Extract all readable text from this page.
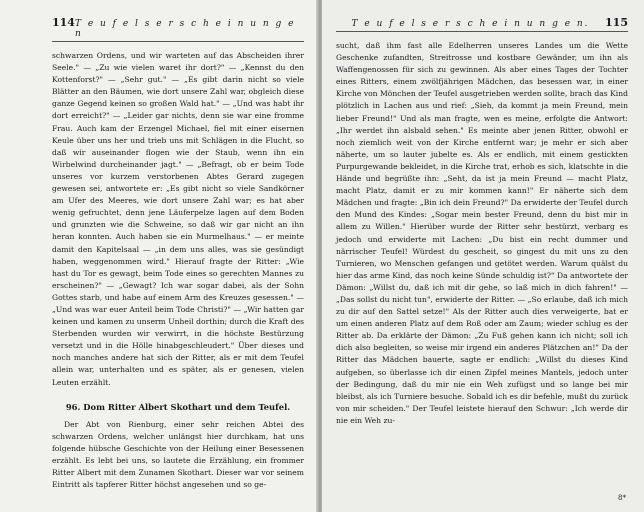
114 T e u f e l s e r s c h e i n u n g e n

schwarzen Ordens, und wir warteten auf das Abscheiden ihrer Seele." — „Zu wie vielen waret ihr dort?" — „Kennst du den Kottenforst?" — „Sehr gut." — „Es gibt darin nicht so viele Blätter an den Bäumen, wie dort unsere Zahl war, obgleich diese ganze Gegend keinen so großen Wald hat." — „Und was habt ihr dort erreicht?" — „Leider gar nichts, denn sie war eine fromme Frau. Auch kam der Erzengel Michael, fiel mit einer eisernen Keule über uns her und trieb uns mit Schlägen in die Flucht, so daß wir auseinander flogen wie der Staub, wenn ihn ein Wirbelwind durcheinander jagt." — „Befragt, ob er beim Tode unseres vor kurzem verstorbenen Abtes Gerard zugegen gewesen sei, antwortete er: „Es gibt nicht so viele Sandkörner am Ufer des Meeres, wie dort unsere Zahl war; es hat aber wenig gefruchtet, denn jene Läuferpelze lagen auf dem Boden und grunzten wie die Schweine, so daß wir gar nicht an ihn heran konnten. Auch haben sie ein Murmelhaus." — er meinte damit den Kapitelsaal — „in dem uns alles, was sie gesündigt haben, weggenommen wird." Hierauf fragte der Ritter: „Wie hast du Tor es gewagt, beim Tode eines so gerechten Mannes zu erscheinen?" — „Gewagt? Ich war sogar dabei, als der Sohn Gottes starb, und habe auf einem Arm des Kreuzes gesessen." — „Und was war euer Anteil beim Tode Christi?" — „Wir hatten gar keinen und kamen zu unserm Unheil dorthin; durch die Kraft des Sterbenden wurden wir verwirrt, in die höchste Bestürzung versetzt und in die Hölle hinabgeschleudert." Über dieses und noch manches andere hat sich der Ritter, als er mit dem Teufel allein war, unterhalten und es später, als er genesen, vielen Leuten erzählt.

96. Dom Ritter Albert Skothart und dem Teufel.

Der Abt von Rienburg, einer sehr reichen Abtei des schwarzen Ordens, welcher unlängst hier durchkam, hat uns folgende hübsche Geschichte von der Heilung einer Besessenen erzählt. Es lebt bei uns, so lautete die Erzählung, ein frommer Ritter Albert mit dem Zunamen Skothart. Dieser war vor seinem Eintritt als tapferer Ritter höchst angesehen und so ge-

T e u f e l s e r s c h e i n u n g e n. 115

sucht, daß ihm fast alle Edelherren unseres Landes um die Wette Geschenke zufandten, Streitrosse und kostbare Gewänder, um ihn als Waffengenossen für sich zu gewinnen. Als aber eines Tages der Tochter eines Ritters, einem zwölfjährigen Mädchen, das besessen war, in einer Kirche von Mönchen der Teufel ausgetrieben werden sollte, brach das Kind plötzlich in Lachen aus und rief: „Sieh, da kommt ja mein Freund, mein lieber Freund!" Und als man fragte, wen es meine, erfolgte die Antwort: „Ihr werdet ihn alsbald sehen." Es meinte aber jenen Ritter, obwohl er noch ziemlich weit von der Kirche entfernt war; je mehr er sich aber näherte, um so lauter jubelte es. Als er endlich, mit einem gestickten Purpurgewande bekleidet, in die Kirche trat, erhob es sich, klatschte in die Hände und begrüßte ihn: „Seht, da ist ja mein Freund — macht Platz, macht Platz, damit er zu mir kommen kann!" Er näherte sich dem Mädchen und fragte: „Bin ich dein Freund?" Da erwiderte der Teufel durch den Mund des Kindes: „Sogar mein bester Freund, denn du bist mir in allem zu Willen." Hierüber wurde der Ritter sehr bestürzt, verbarg es jedoch und erwiderte mit Lachen: „Du bist ein recht dummer und närrischer Teufel! Würdest du gescheit, so gingest du mit uns zu den Turnieren, wo Menschen gefangen und getötet werden. Warum quälst du hier das arme Kind, das noch keine Sünde schuldig ist?" Da antwortete der Dämon: „Willst du, daß ich mit dir gehe, so laß mich in dich fahren!" — „Das sollst du nicht tun", erwiderte der Ritter. — „So erlaube, daß ich mich zu dir auf den Sattel setze!" Als der Ritter auch dies verweigerte, bat er um einen anderen Platz auf dem Roß oder am Zaum; wieder schlug es der Ritter ab. Da erklärte der Dämon: „Zu Fuß gehen kann ich nicht; soll ich dich also begleiten, so weise mir irgend ein anderes Plätzchen an!" Da der Ritter das Mädchen bauerte, sagte er endlich: „Willst du dieses Kind aufgeben, so überlasse ich dir einen Zipfel meines Mantels, jedoch unter der Bedingung, daß du mir nie ein Weh zufügst und so lange bei mir bleibst, als ich Turniere besuche. Sobald ich es dir befehle, mußt du zurück von mir scheiden." Der Teufel leistete hierauf den Schwur: „Ich werde dir nie ein Weh zu-

8*
